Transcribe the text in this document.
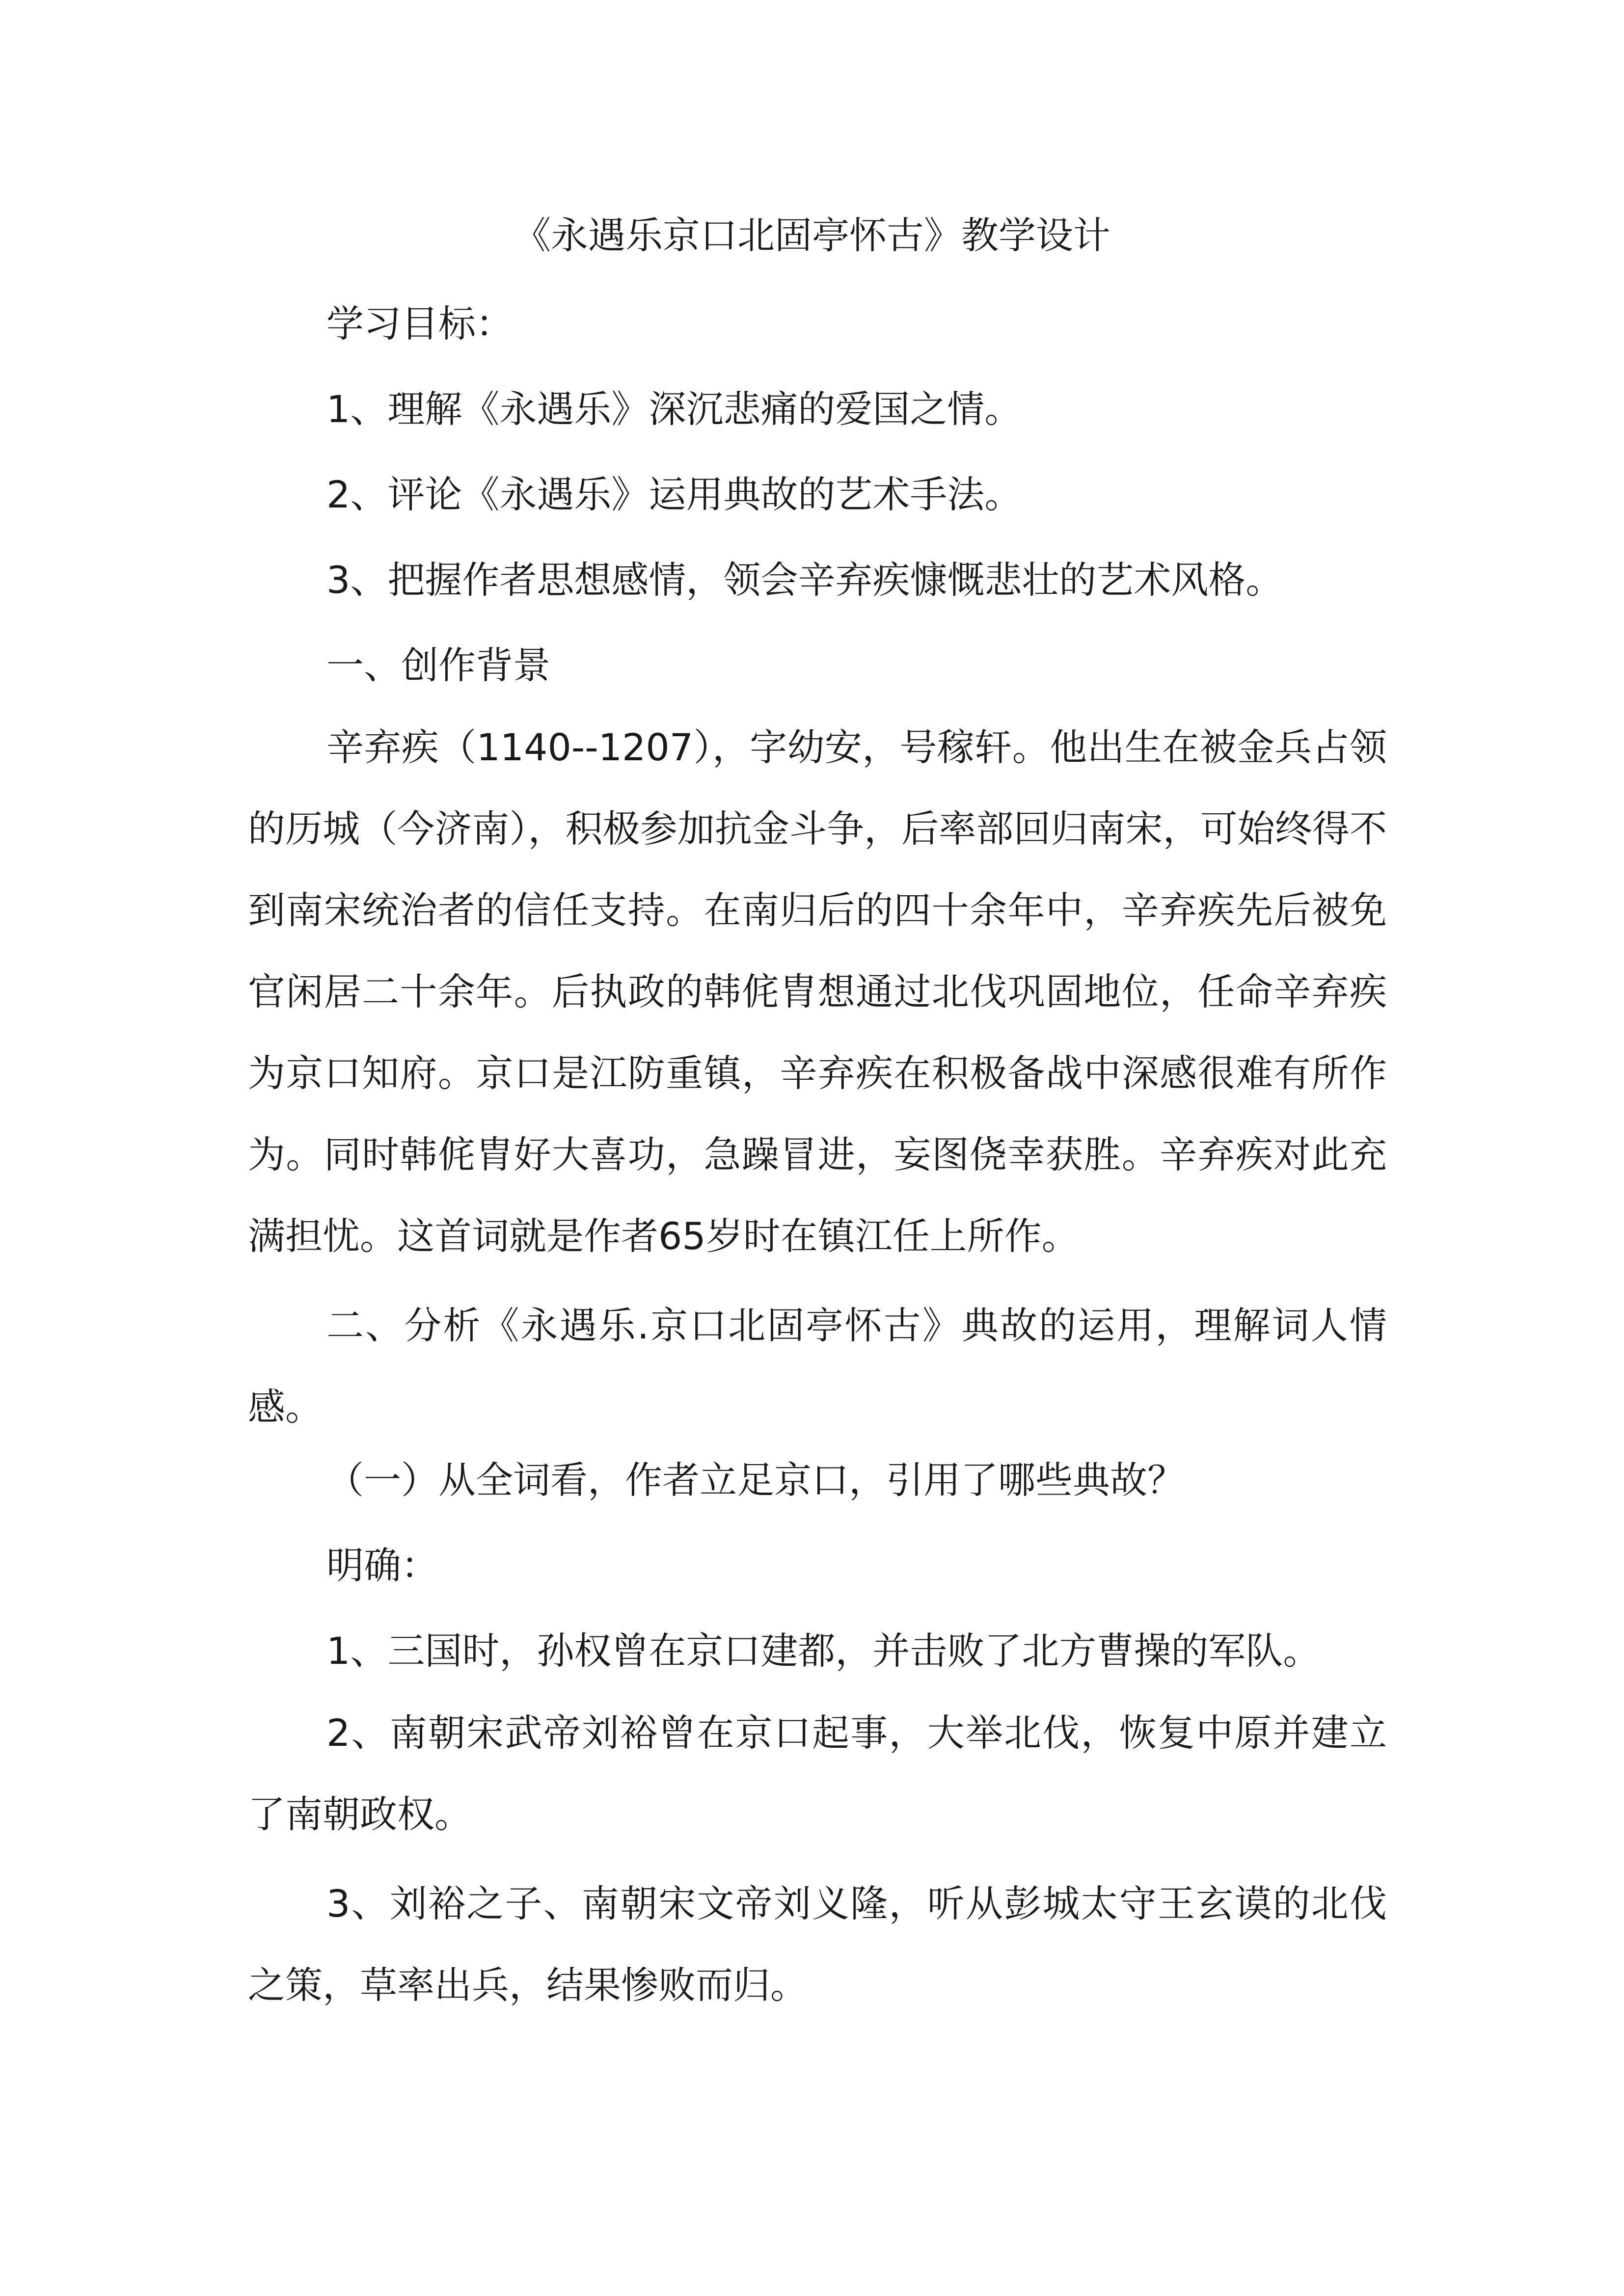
《永遇乐京口北固亭怀古》教学设计

学习目标：

1、理解《永遇乐》深沉悲痛的爱国之情。

2、评论《永遇乐》运用典故的艺术手法。

3、把握作者思想感情，领会辛弃疾慷慨悲壮的艺术风格。

一、创作背景

辛弃疾（1140--1207），字幼安，号稼轩。他出生在被金兵占领的历城（今济南），积极参加抗金斗争，后率部回归南宋，可始终得不到南宋统治者的信任支持。在南归后的四十余年中，辛弃疾先后被免官闲居二十余年。后执政的韩侂胄想通过北伐巩固地位，任命辛弃疾为京口知府。京口是江防重镇，辛弃疾在积极备战中深感很难有所作为。同时韩侂胄好大喜功，急躁冒进，妄图侥幸获胜。辛弃疾对此充满担忧。这首词就是作者65岁时在镇江任上所作。

二、分析《永遇乐.京口北固亭怀古》典故的运用，理解词人情感。

（一）从全词看，作者立足京口，引用了哪些典故？

明确：

1、三国时，孙权曾在京口建都，并击败了北方曹操的军队。

2、南朝宋武帝刘裕曾在京口起事，大举北伐，恢复中原并建立了南朝政权。

3、刘裕之子、南朝宋文帝刘义隆，听从彭城太守王玄谟的北伐之策，草率出兵，结果惨败而归。
